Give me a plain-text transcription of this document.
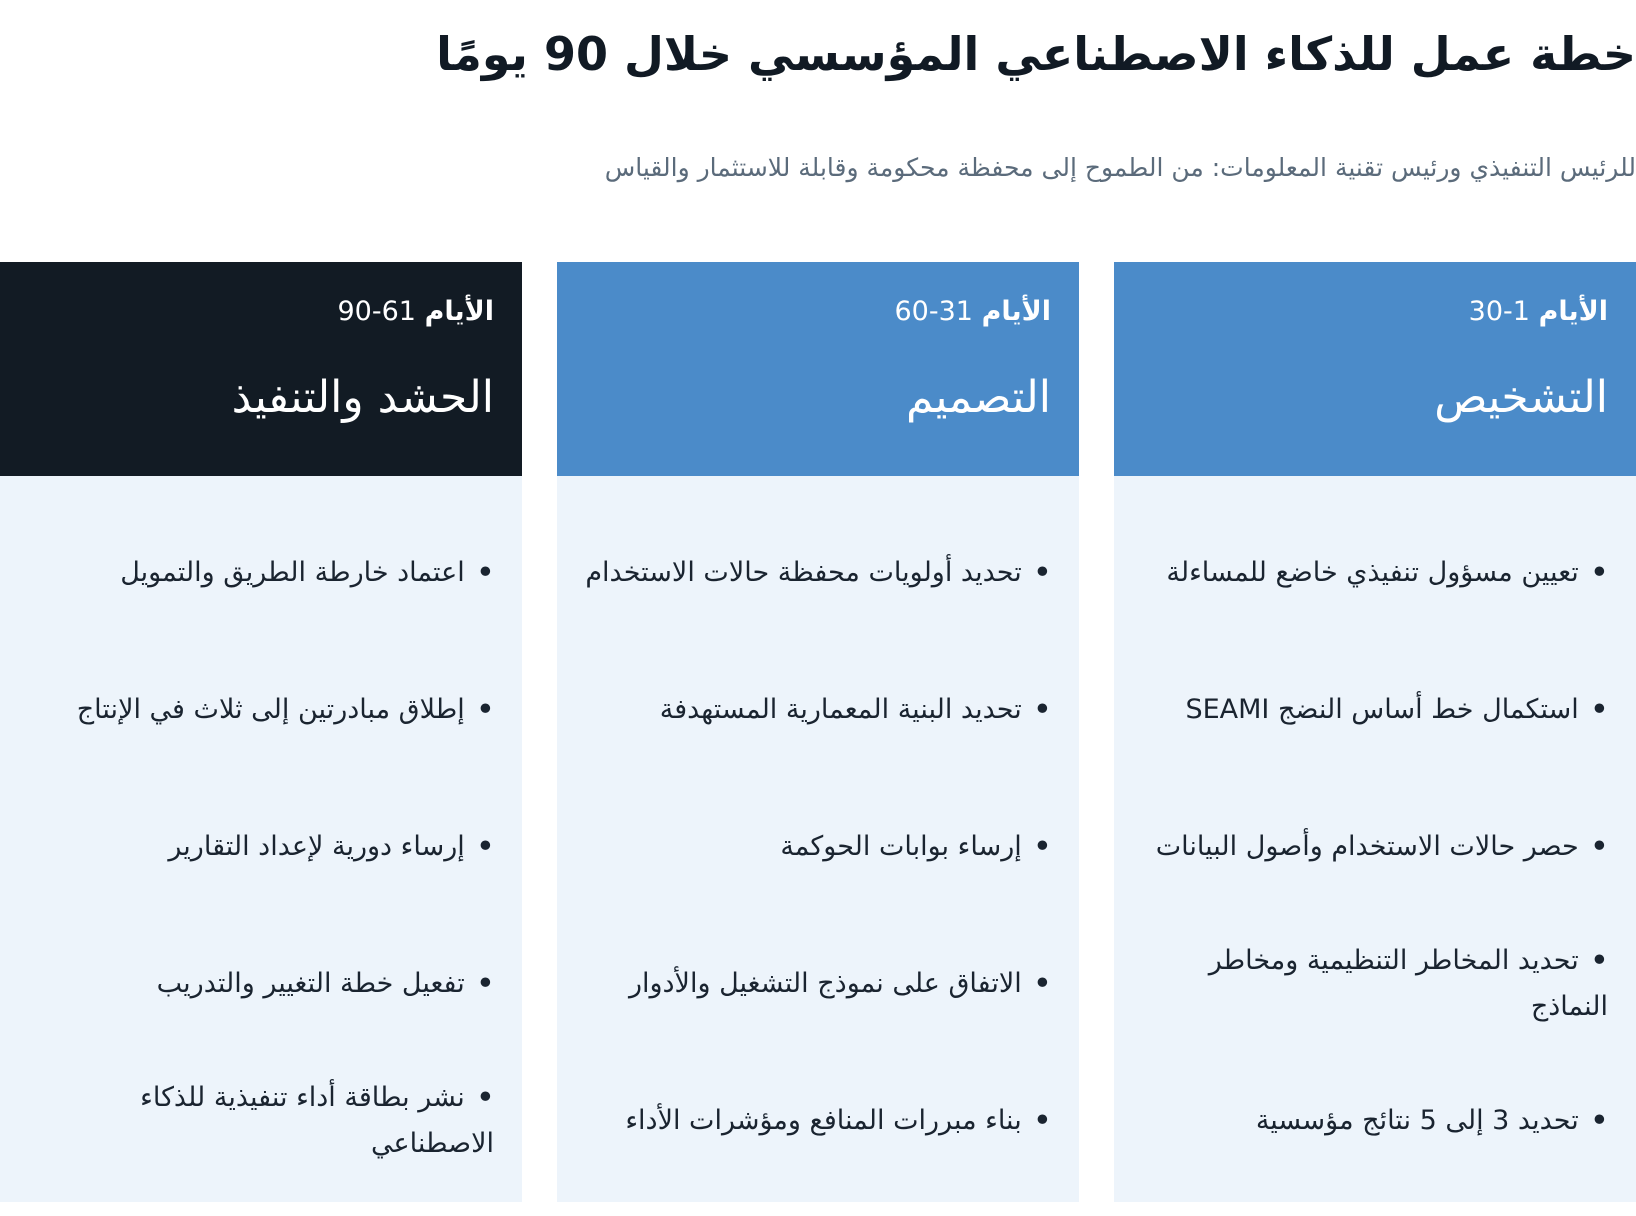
خطة عمل للذكاء الاصطناعي المؤسسي خلال 90 يومًا

للرئيس التنفيذي ورئيس تقنية المعلومات: من الطموح إلى محفظة محكومة وقابلة للاستثمار والقياس

الأيام 1-30
التشخيص
•تعيين مسؤول تنفيذي خاضع للمساءلة
•استكمال خط أساس النضج SEAMI
•حصر حالات الاستخدام وأصول البيانات
•تحديد المخاطر التنظيمية ومخاطر النماذج
•تحديد 3 إلى 5 نتائج مؤسسية
الأيام 31-60
التصميم
•تحديد أولويات محفظة حالات الاستخدام
•تحديد البنية المعمارية المستهدفة
•إرساء بوابات الحوكمة
•الاتفاق على نموذج التشغيل والأدوار
•بناء مبررات المنافع ومؤشرات الأداء
الأيام 61-90
الحشد والتنفيذ
•اعتماد خارطة الطريق والتمويل
•إطلاق مبادرتين إلى ثلاث في الإنتاج
•إرساء دورية لإعداد التقارير
•تفعيل خطة التغيير والتدريب
•نشر بطاقة أداء تنفيذية للذكاء الاصطناعي
